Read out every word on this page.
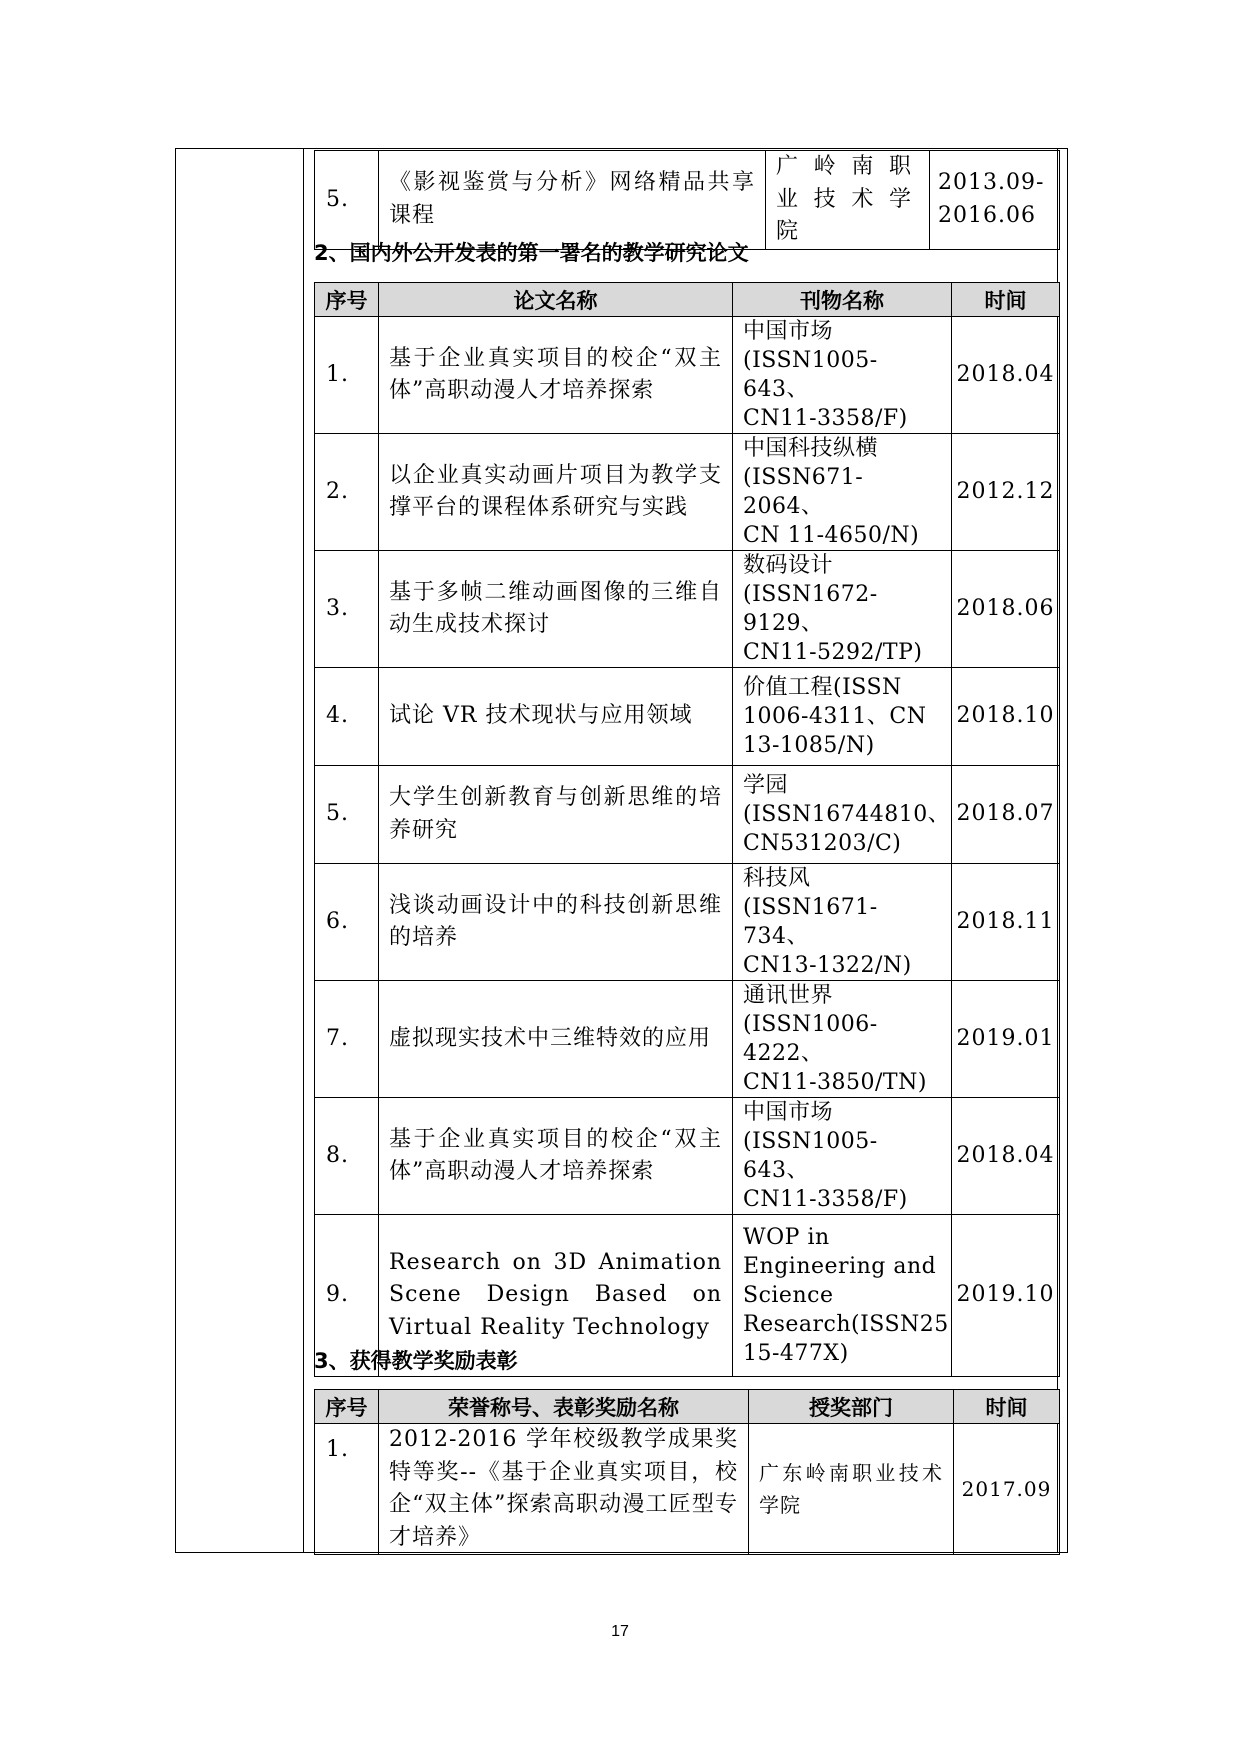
5.	《影视鉴赏与分析》网络精品共享课程	广岭南职业技术学院	2013.09-2016.06
2、国内外公开发表的第一署名的教学研究论文
序号	论文名称	刊物名称	时间
1.	基于企业真实项目的校企“双主体”高职动漫人才培养探索	中国市场
(ISSN1005-643、
CN11-3358/F)	2018.04
2.	以企业真实动画片项目为教学支撑平台的课程体系研究与实践	中国科技纵横
(ISSN671-2064、
CN 11-4650/N)	2012.12
3.	基于多帧二维动画图像的三维自动生成技术探讨	数码设计
(ISSN1672-9129、
CN11-5292/TP)	2018.06
4.	试论 VR 技术现状与应用领域	价值工程(ISSN
1006-4311、CN
13-1085/N)	2018.10
5.	大学生创新教育与创新思维的培养研究	学园
(ISSN16744810、
CN531203/C)	2018.07
6.	浅谈动画设计中的科技创新思维的培养	科技风
(ISSN1671-734、
CN13-1322/N)	2018.11
7.	虚拟现实技术中三维特效的应用	通讯世界
(ISSN1006-4222、
CN11-3850/TN)	2019.01
8.	基于企业真实项目的校企“双主体”高职动漫人才培养探索	中国市场
(ISSN1005-643、
CN11-3358/F)	2018.04
9.	Research on 3D Animation Scene Design Based on Virtual Reality Technology	WOP in
Engineering and
Science
Research(ISSN25
15-477X)	2019.10
3、获得教学奖励表彰
序号	荣誉称号、表彰奖励名称	授奖部门	时间
1.	2012-2016 学年校级教学成果奖特等奖--《基于企业真实项目，校企“双主体”探索高职动漫工匠型专才培养》	广东岭南职业技术学院	2017.09
17
